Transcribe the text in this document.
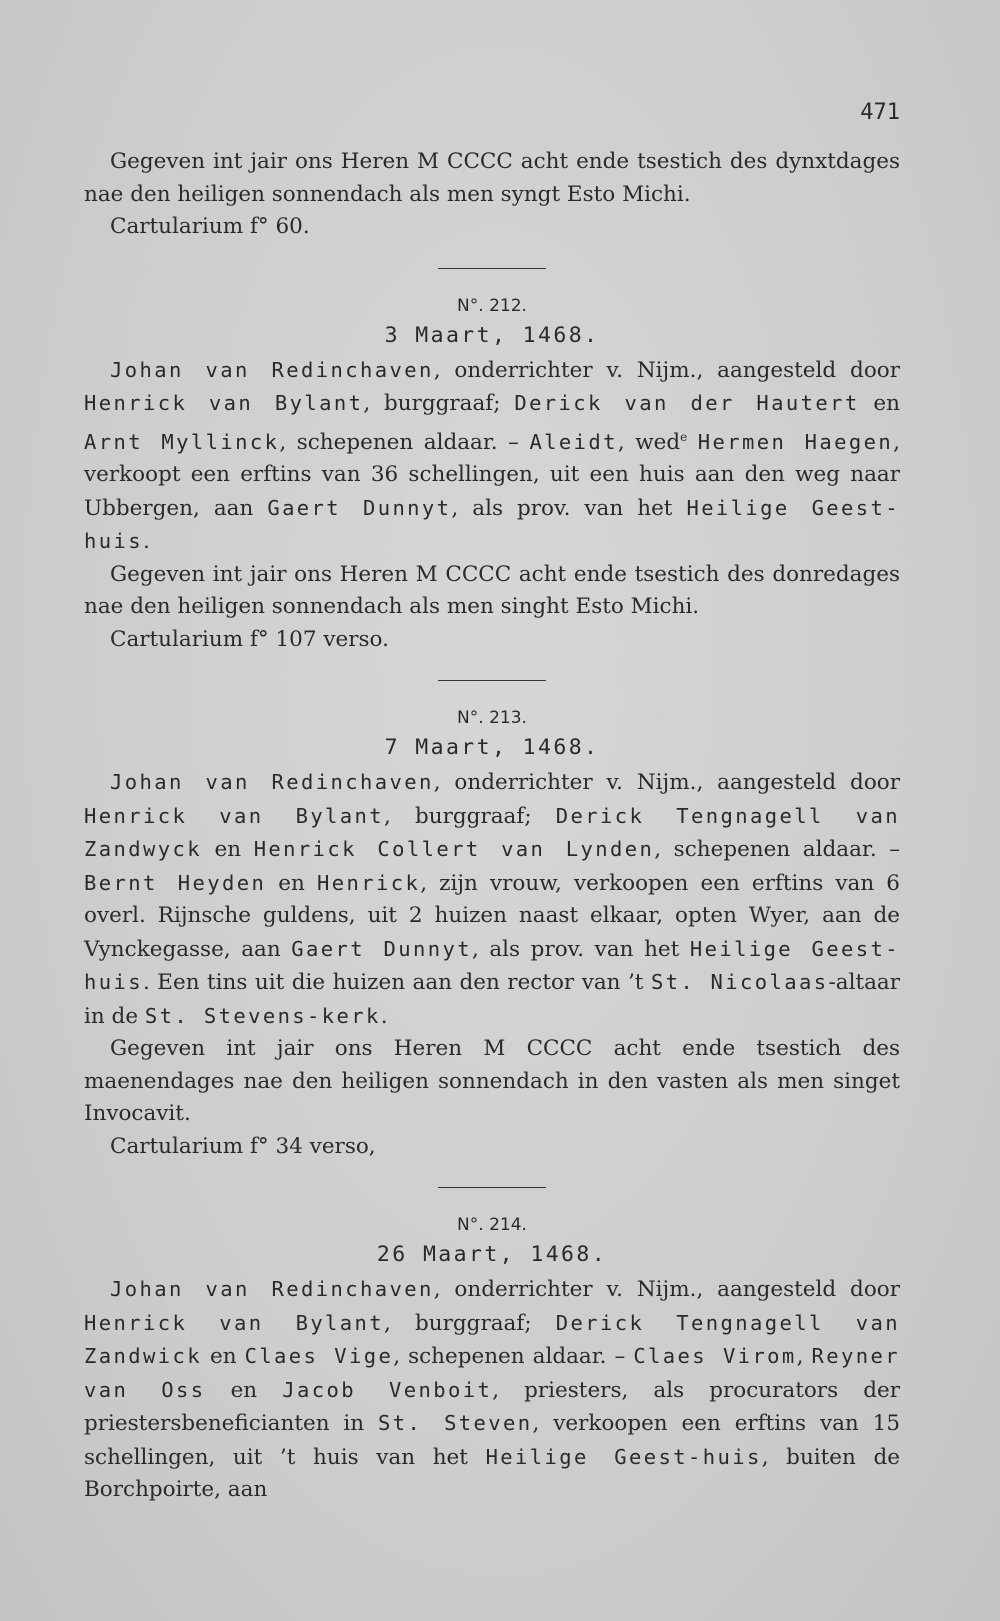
471

Gegeven int jair ons Heren M CCCC acht ende tsestich des dynxtdages nae den heiligen sonnendach als men syngt Esto Michi.

Cartularium f° 60.

N°. 212.

3 Maart, 1468.

Johan van Redinchaven, onderrichter v. Nijm., aangesteld door Henrick van Bylant, burggraaf; Derick van der Hautert en Arnt Myllinck, schepenen aldaar. – Aleidt, wed$^e$ Hermen Haegen, verkoopt een erftins van 36 schellingen, uit een huis aan den weg naar Ubbergen, aan Gaert Dunnyt, als prov. van het Heilige Geest-huis.

Gegeven int jair ons Heren M CCCC acht ende tsestich des donredages nae den heiligen sonnendach als men singht Esto Michi.

Cartularium f° 107 verso.

N°. 213.

7 Maart, 1468.

Johan van Redinchaven, onderrichter v. Nijm., aangesteld door Henrick van Bylant, burggraaf; Derick Tengnagell van Zandwyck en Henrick Collert van Lynden, schepenen aldaar. – Bernt Heyden en Henrick, zijn vrouw, verkoopen een erftins van 6 overl. Rijnsche guldens, uit 2 huizen naast elkaar, opten Wyer, aan de Vynckegasse, aan Gaert Dunnyt, als prov. van het Heilige Geest-huis. Een tins uit die huizen aan den rector van ’t St. Nicolaas-altaar in de St. Stevens-kerk.

Gegeven int jair ons Heren M CCCC acht ende tsestich des maenendages nae den heiligen sonnendach in den vasten als men singet Invocavit.

Cartularium f° 34 verso,

N°. 214.

26 Maart, 1468.

Johan van Redinchaven, onderrichter v. Nijm., aangesteld door Henrick van Bylant, burggraaf; Derick Tengnagell van Zandwick en Claes Vige, schepenen aldaar. – Claes Virom, Reyner van Oss en Jacob Venboit, priesters, als procurators der priestersbeneficianten in St. Steven, verkoopen een erftins van 15 schellingen, uit ’t huis van het Heilige Geest-huis, buiten de Borchpoirte, aan
